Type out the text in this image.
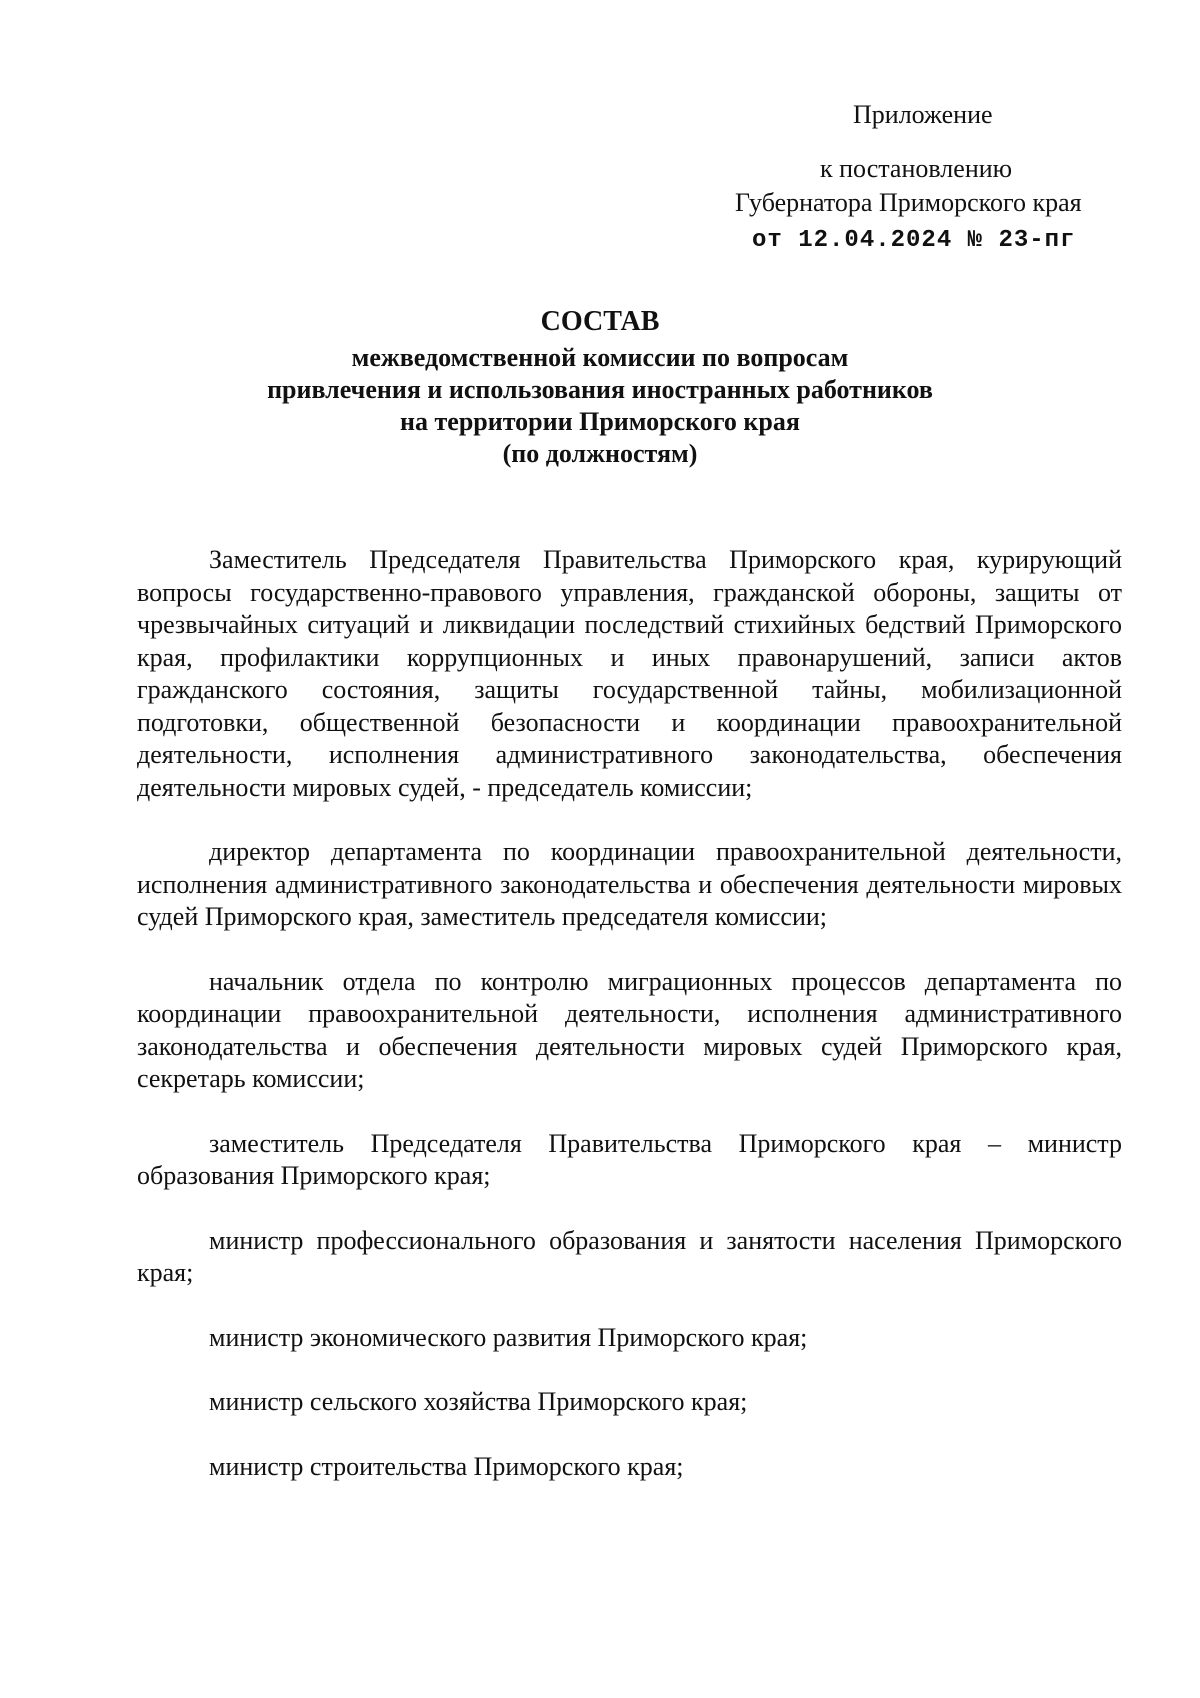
Приложение
к постановлению
Губернатора Приморского края
от 12.04.2024 № 23-пг
СОСТАВ
межведомственной комиссии по вопросам
привлечения и использования иностранных работников
на территории Приморского края
(по должностям)

Заместитель Председателя Правительства Приморского края, курирующий вопросы государственно-правового управления, гражданской обороны, защиты от чрезвычайных ситуаций и ликвидации последствий стихийных бедствий Приморского края, профилактики коррупционных и иных правонарушений, записи актов гражданского состояния, защиты государственной тайны, мобилизационной подготовки, общественной безопасности и координации правоохранительной деятельности, исполнения административного законодательства, обеспечения деятельности мировых судей, - председатель комиссии;

директор департамента по координации правоохранительной деятельности, исполнения административного законодательства и обеспечения деятельности мировых судей Приморского края, заместитель председателя комиссии;

начальник отдела по контролю миграционных процессов департамента по координации правоохранительной деятельности, исполнения административного законодательства и обеспечения деятельности мировых судей Приморского края, секретарь комиссии;

заместитель Председателя Правительства Приморского края – министр образования Приморского края;

министр профессионального образования и занятости населения Приморского края;

министр экономического развития Приморского края;

министр сельского хозяйства Приморского края;

министр строительства Приморского края;
